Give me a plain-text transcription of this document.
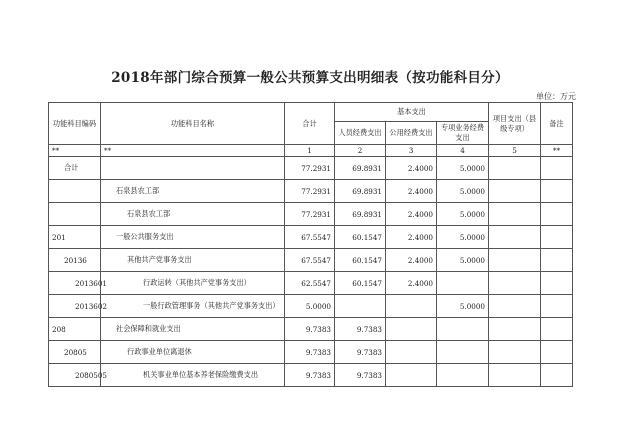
2018年部门综合预算一般公共预算支出明细表（按功能科目分）
单位：万元
功能科目编码	功能科目名称	合计	基本支出			项目支出（县级专项）	备注
			人员经费支出	公用经费支出	专项业务经费支出		
**	**	1	2	3	4	5	**
合计		77.2931	69.8931	2.4000	5.0000		
	石泉县农工部	77.2931	69.8931	2.4000	5.0000		
	石泉县农工部	77.2931	69.8931	2.4000	5.0000		
201	一般公共服务支出	67.5547	60.1547	2.4000	5.0000		
20136	其他共产党事务支出	67.5547	60.1547	2.4000	5.0000		
2013601	行政运转（其他共产党事务支出）	62.5547	60.1547	2.4000			
2013602	一般行政管理事务（其他共产党事务支出）	5.0000			5.0000		
208	社会保障和就业支出	9.7383	9.7383				
20805	行政事业单位离退休	9.7383	9.7383				
2080505	机关事业单位基本养老保险缴费支出	9.7383	9.7383				
